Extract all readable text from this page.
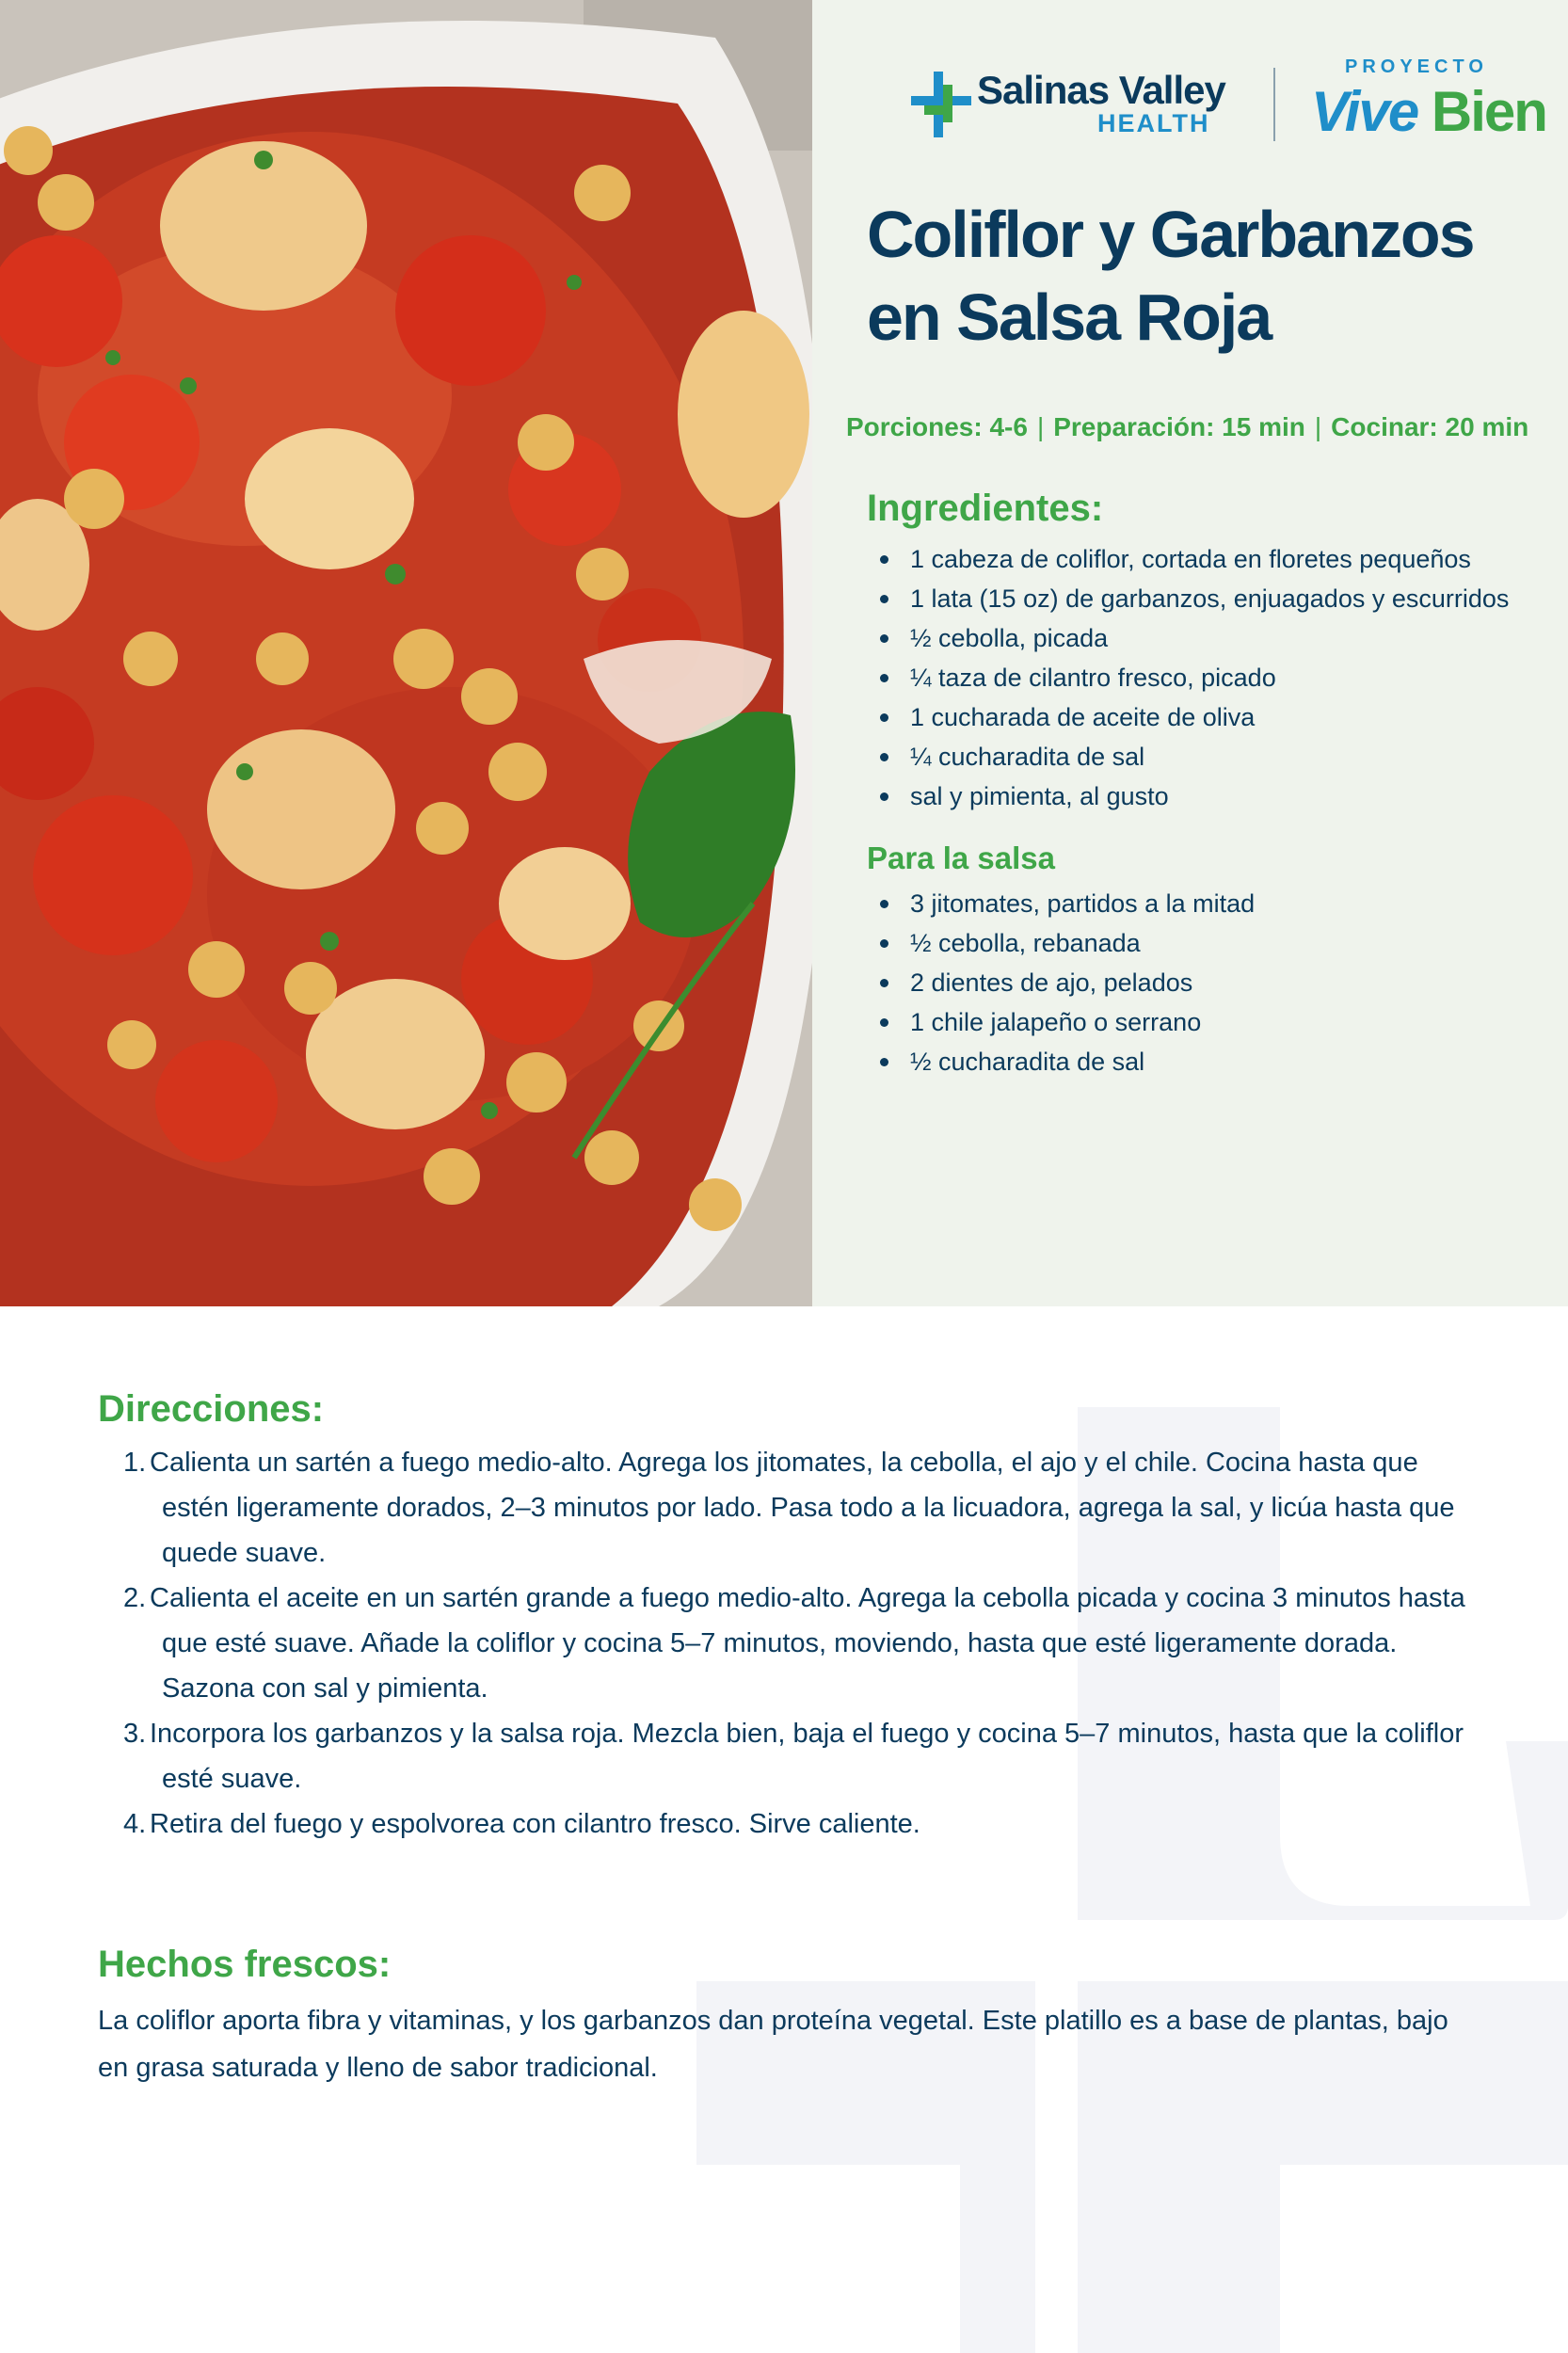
Salinas Valley
HEALTH
PROYECTO
Vive Bien
Coliflor y Garbanzos en Salsa Roja
Porciones: 4-6 | Preparación: 15 min | Cocinar: 20 min
Ingredientes:
1 cabeza de coliflor, cortada en floretes pequeños
1 lata (15 oz) de garbanzos, enjuagados y escurridos
½ cebolla, picada
¼ taza de cilantro fresco, picado
1 cucharada de aceite de oliva
¼ cucharadita de sal
sal y pimienta, al gusto
Para la salsa
3 jitomates, partidos a la mitad
½ cebolla, rebanada
2 dientes de ajo, pelados
1 chile jalapeño o serrano
½ cucharadita de sal
Direcciones:
1. Calienta un sartén a fuego medio-alto. Agrega los jitomates, la cebolla, el ajo y el chile. Cocina hasta que estén ligeramente dorados, 2–3 minutos por lado. Pasa todo a la licuadora, agrega la sal, y licúa hasta que quede suave.
2. Calienta el aceite en un sartén grande a fuego medio-alto. Agrega la cebolla picada y cocina 3 minutos hasta que esté suave. Añade la coliflor y cocina 5–7 minutos, moviendo, hasta que esté ligeramente dorada. Sazona con sal y pimienta.
3. Incorpora los garbanzos y la salsa roja. Mezcla bien, baja el fuego y cocina 5–7 minutos, hasta que la coliflor esté suave.
4. Retira del fuego y espolvorea con cilantro fresco. Sirve caliente.
Hechos frescos:

La coliflor aporta fibra y vitaminas, y los garbanzos dan proteína vegetal. Este platillo es a base de plantas, bajo en grasa saturada y lleno de sabor tradicional.
